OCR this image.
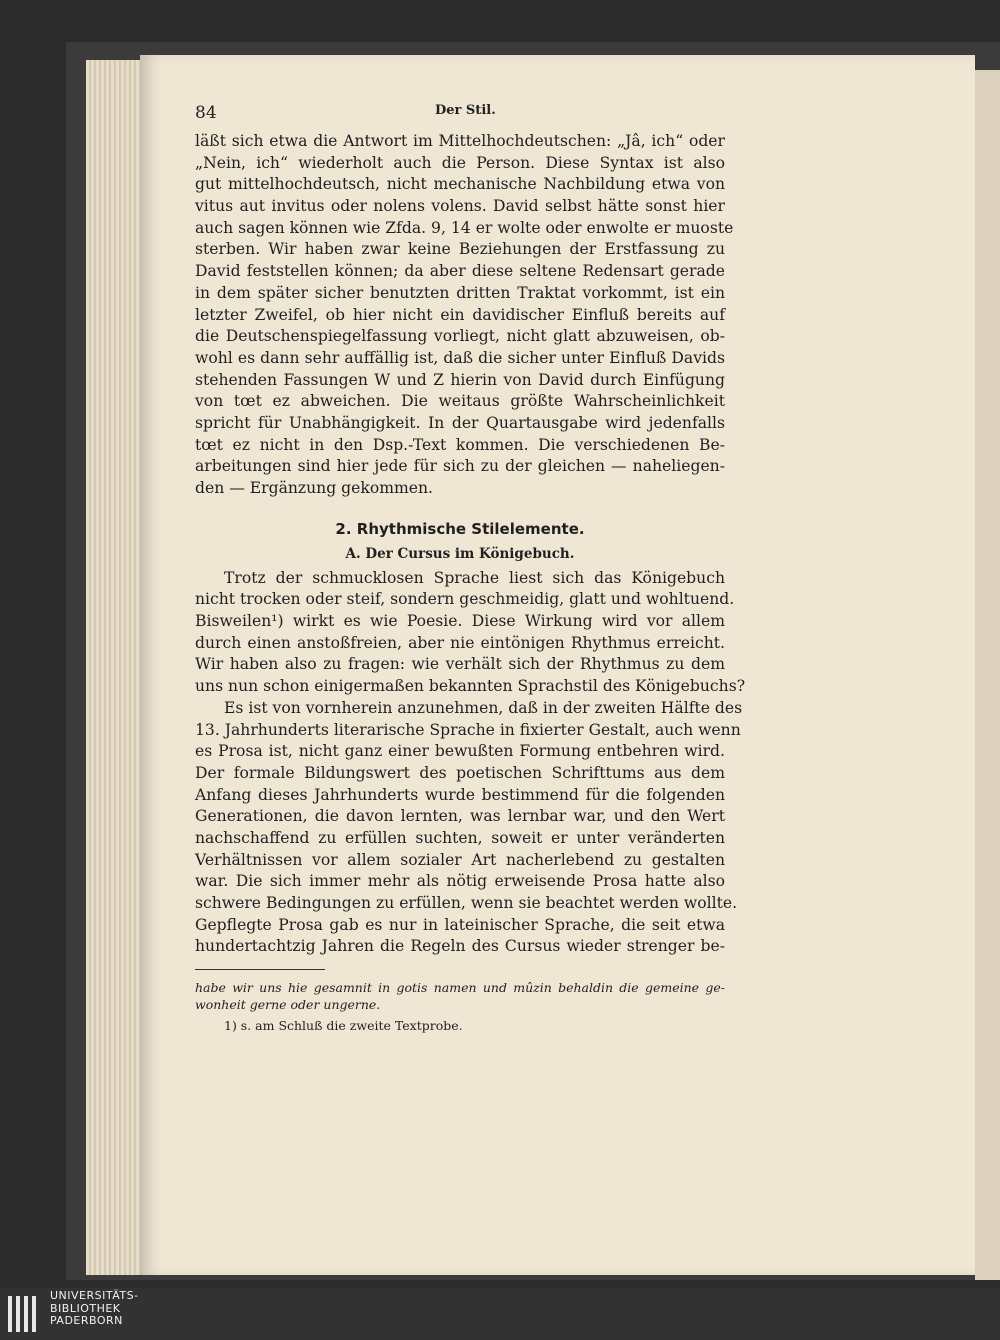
84	Der Stil.
läßt sich etwa die Antwort im Mittelhochdeutschen: „Jâ, ich“ oder
„Nein, ich“ wiederholt auch die Person. Diese Syntax ist also
gut mittelhochdeutsch, nicht mechanische Nachbildung etwa von
vitus aut invitus oder nolens volens. David selbst hätte sonst hier
auch sagen können wie Zfda. 9, 14 er wolte oder enwolte er muoste
sterben. Wir haben zwar keine Beziehungen der Erstfassung zu
David feststellen können; da aber diese seltene Redensart gerade
in dem später sicher benutzten dritten Traktat vorkommt, ist ein
letzter Zweifel, ob hier nicht ein davidischer Einfluß bereits auf
die Deutschenspiegelfassung vorliegt, nicht glatt abzuweisen, ob-
wohl es dann sehr auffällig ist, daß die sicher unter Einfluß Davids
stehenden Fassungen W und Z hierin von David durch Einfügung
von tœt ez abweichen. Die weitaus größte Wahrscheinlichkeit
spricht für Unabhängigkeit. In der Quartausgabe wird jedenfalls
tœt ez nicht in den Dsp.-Text kommen. Die verschiedenen Be-
arbeitungen sind hier jede für sich zu der gleichen — naheliegen-
den — Ergänzung gekommen.
2. Rhythmische Stilelemente.
A. Der Cursus im Königebuch.
Trotz der schmucklosen Sprache liest sich das Königebuch
nicht trocken oder steif, sondern geschmeidig, glatt und wohltuend.
Bisweilen¹) wirkt es wie Poesie. Diese Wirkung wird vor allem
durch einen anstoßfreien, aber nie eintönigen Rhythmus erreicht.
Wir haben also zu fragen: wie verhält sich der Rhythmus zu dem
uns nun schon einigermaßen bekannten Sprachstil des Königebuchs?
Es ist von vornherein anzunehmen, daß in der zweiten Hälfte des
13. Jahrhunderts literarische Sprache in fixierter Gestalt, auch wenn
es Prosa ist, nicht ganz einer bewußten Formung entbehren wird.
Der formale Bildungswert des poetischen Schrifttums aus dem
Anfang dieses Jahrhunderts wurde bestimmend für die folgenden
Generationen, die davon lernten, was lernbar war, und den Wert
nachschaffend zu erfüllen suchten, soweit er unter veränderten
Verhältnissen vor allem sozialer Art nacherlebend zu gestalten
war. Die sich immer mehr als nötig erweisende Prosa hatte also
schwere Bedingungen zu erfüllen, wenn sie beachtet werden wollte.
Gepflegte Prosa gab es nur in lateinischer Sprache, die seit etwa
hundertachtzig Jahren die Regeln des Cursus wieder strenger be-
habe wir uns hie gesamnit in gotis namen und mûzin behaldin die gemeine ge-
wonheit gerne oder ungerne.
1) s. am Schluß die zweite Textprobe.
UNIVERSITÄTS-
BIBLIOTHEK
PADERBORN
